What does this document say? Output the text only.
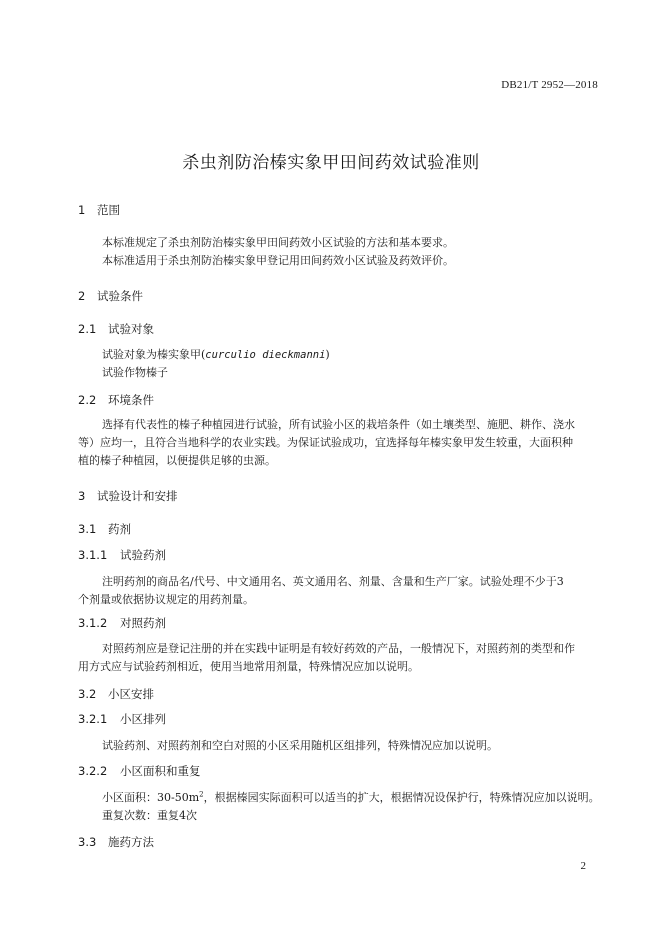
DB21/T 2952—2018
杀虫剂防治榛实象甲田间药效试验准则
1 范围
本标准规定了杀虫剂防治榛实象甲田间药效小区试验的方法和基本要求。
本标准适用于杀虫剂防治榛实象甲登记用田间药效小区试验及药效评价。
2 试验条件
2.1 试验对象
试验对象为榛实象甲(curculio dieckmanni)
试验作物榛子
2.2 环境条件
选择有代表性的榛子种植园进行试验，所有试验小区的栽培条件（如土壤类型、施肥、耕作、浇水
等）应均一，且符合当地科学的农业实践。为保证试验成功，宜选择每年榛实象甲发生较重，大面积种
植的榛子种植园，以便提供足够的虫源。
3 试验设计和安排
3.1 药剂
3.1.1 试验药剂
注明药剂的商品名/代号、中文通用名、英文通用名、剂量、含量和生产厂家。试验处理不少于3
个剂量或依据协议规定的用药剂量。
3.1.2 对照药剂
对照药剂应是登记注册的并在实践中证明是有较好药效的产品，一般情况下，对照药剂的类型和作
用方式应与试验药剂相近，使用当地常用剂量，特殊情况应加以说明。
3.2 小区安排
3.2.1 小区排列
试验药剂、对照药剂和空白对照的小区采用随机区组排列，特殊情况应加以说明。
3.2.2 小区面积和重复
小区面积：$30-50m^2$，根据榛园实际面积可以适当的扩大，根据情况设保护行，特殊情况应加以说明。
重复次数：重复4次
3.3 施药方法
2
